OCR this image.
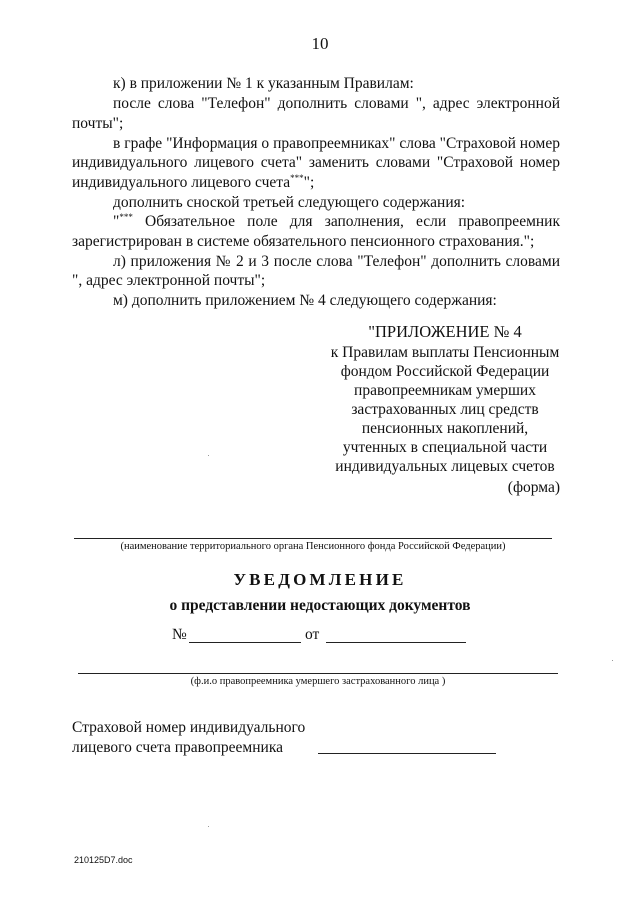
10
к) в приложении № 1 к указанным Правилам:
после слова "Телефон" дополнить словами ", адрес электронной
почты";
в графе "Информация о правопреемниках" слова "Страховой номер
индивидуального лицевого счета" заменить словами "Страховой номер
индивидуального лицевого счета***";
дополнить сноской третьей следующего содержания:
"*** Обязательное поле для заполнения, если правопреемник
зарегистрирован в системе обязательного пенсионного страхования.";
л) приложения № 2 и 3 после слова "Телефон" дополнить словами
", адрес электронной почты";
м) дополнить приложением № 4 следующего содержания:
"ПРИЛОЖЕНИЕ № 4
к Правилам выплаты Пенсионным
фондом Российской Федерации
правопреемникам умерших
застрахованных лиц средств
пенсионных накоплений,
учтенных в специальной части
индивидуальных лицевых счетов
(форма)
(наименование территориального органа Пенсионного фонда Российской Федерации)
УВЕДОМЛЕНИЕ
о представлении недостающих документов
№	от
(ф.и.о правопреемника умершего застрахованного лица )
Страховой номер индивидуального
лицевого счета правопреемника
210125D7.doc
